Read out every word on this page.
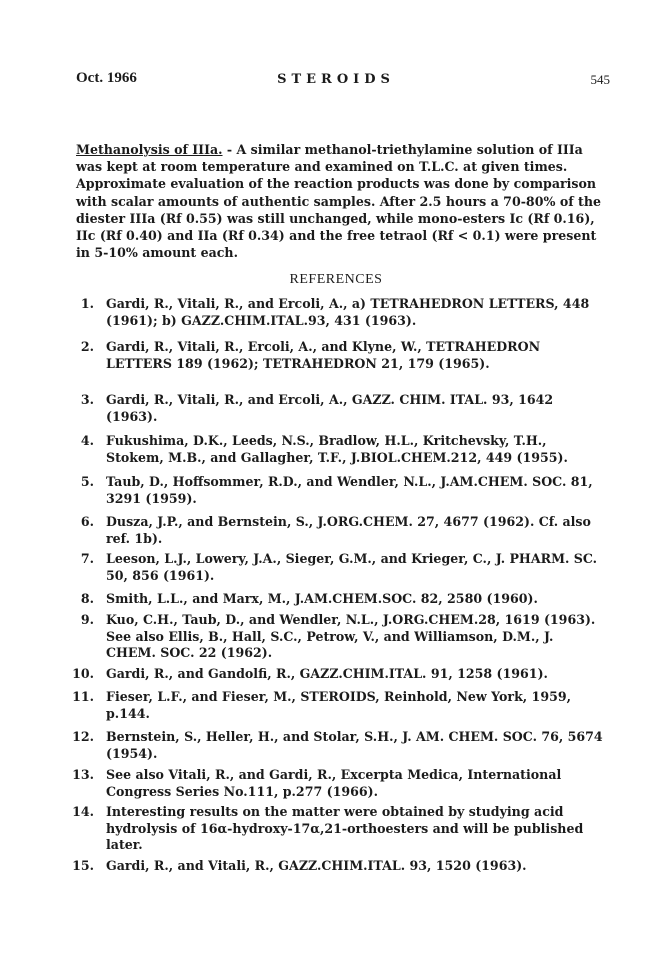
Oct. 1966	STEROIDS	545
Methanolysis of IIIa. - A similar methanol-triethylamine solution of IIIa was kept at room temperature and examined on T.L.C. at given times. Approximate evaluation of the reaction products was done by comparison with scalar amounts of authentic samples. After 2.5 hours a 70-80% of the diester IIIa (Rf 0.55) was still unchanged, while mono-esters Ic (Rf 0.16), IIc (Rf 0.40) and IIa (Rf 0.34) and the free tetraol (Rf < 0.1) were present in 5-10% amount each.
REFERENCES
1. Gardi, R., Vitali, R., and Ercoli, A., a) TETRAHEDRON LETTERS, 448 (1961); b) GAZZ.CHIM.ITAL.93, 431 (1963).
2. Gardi, R., Vitali, R., Ercoli, A., and Klyne, W., TETRAHEDRON LETTERS 189 (1962); TETRAHEDRON 21, 179 (1965).
3. Gardi, R., Vitali, R., and Ercoli, A., GAZZ. CHIM. ITAL. 93, 1642 (1963).
4. Fukushima, D.K., Leeds, N.S., Bradlow, H.L., Kritchevsky, T.H., Stokem, M.B., and Gallagher, T.F., J.BIOL.CHEM.212, 449 (1955).
5. Taub, D., Hoffsommer, R.D., and Wendler, N.L., J.AM.CHEM. SOC. 81, 3291 (1959).
6. Dusza, J.P., and Bernstein, S., J.ORG.CHEM. 27, 4677 (1962). Cf. also ref. 1b).
7. Leeson, L.J., Lowery, J.A., Sieger, G.M., and Krieger, C., J. PHARM. SC. 50, 856 (1961).
8. Smith, L.L., and Marx, M., J.AM.CHEM.SOC. 82, 2580 (1960).
9. Kuo, C.H., Taub, D., and Wendler, N.L., J.ORG.CHEM.28, 1619 (1963). See also Ellis, B., Hall, S.C., Petrow, V., and Williamson, D.M., J. CHEM. SOC. 22 (1962).
10. Gardi, R., and Gandolfi, R., GAZZ.CHIM.ITAL. 91, 1258 (1961).
11. Fieser, L.F., and Fieser, M., STEROIDS, Reinhold, New York, 1959, p.144.
12. Bernstein, S., Heller, H., and Stolar, S.H., J. AM. CHEM. SOC. 76, 5674 (1954).
13. See also Vitali, R., and Gardi, R., Excerpta Medica, International Congress Series No.111, p.277 (1966).
14. Interesting results on the matter were obtained by studying acid hydrolysis of 16α-hydroxy-17α,21-orthoesters and will be published later.
15. Gardi, R., and Vitali, R., GAZZ.CHIM.ITAL. 93, 1520 (1963).
